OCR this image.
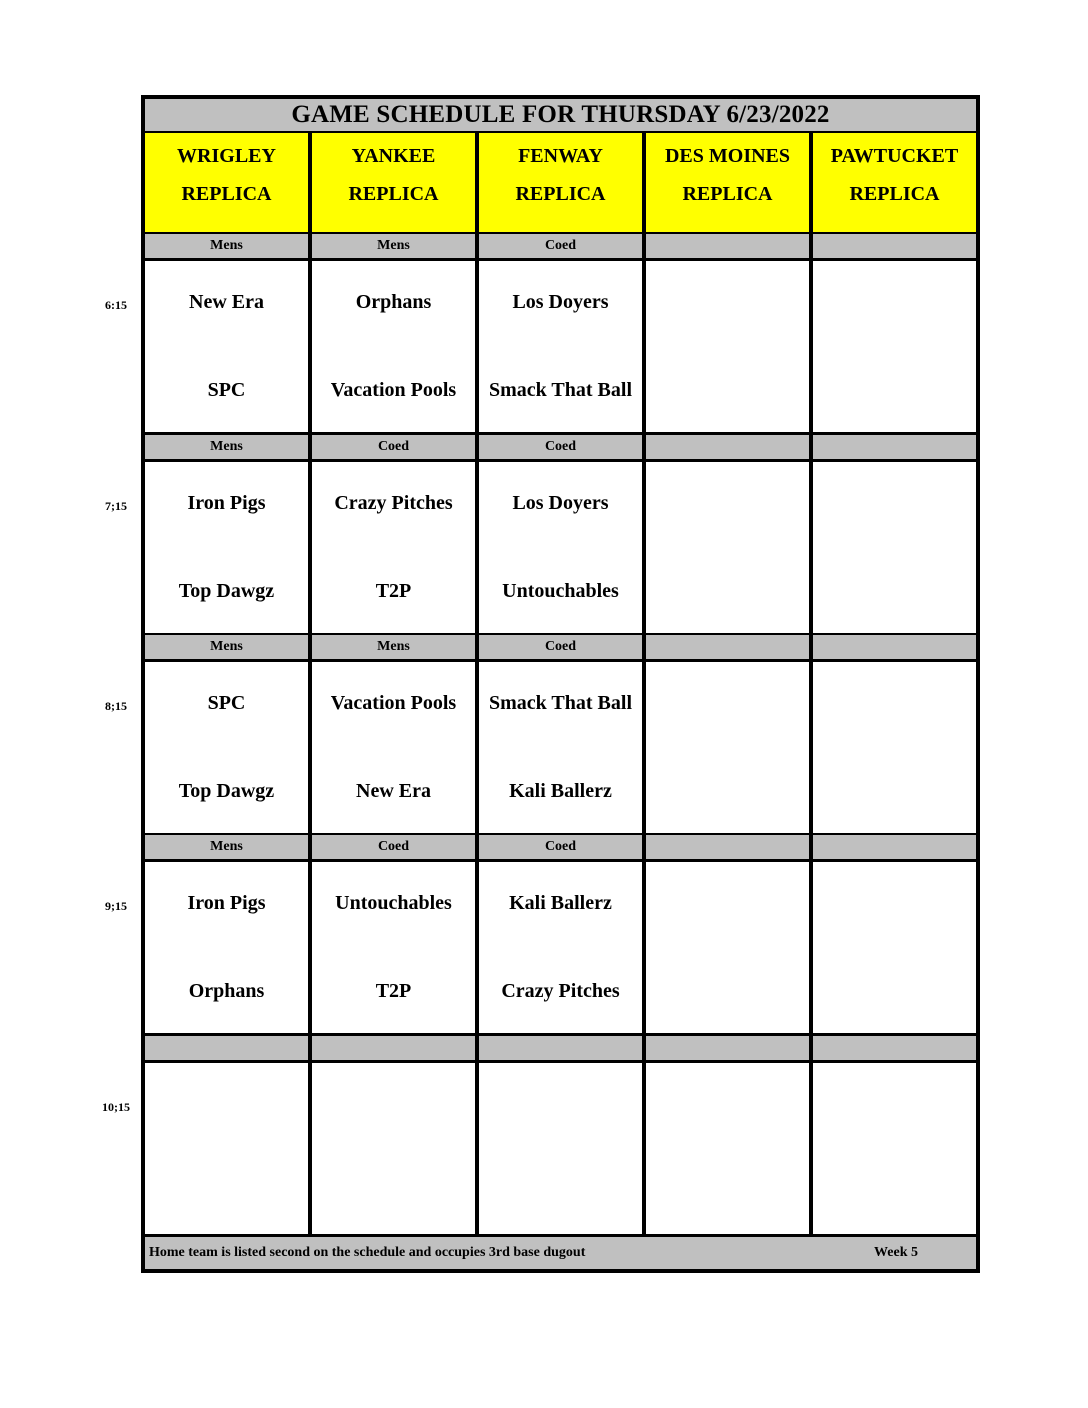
GAME SCHEDULE FOR THURSDAY 6/23/2022
WRIGLEY
REPLICA
YANKEE
REPLICA
FENWAY
REPLICA
DES MOINES
REPLICA
PAWTUCKET
REPLICA
Mens
New Era
SPC
Mens
Orphans
Vacation Pools
Coed
Los Doyers
Smack That Ball
Mens
Iron Pigs
Top Dawgz
Coed
Crazy Pitches
T2P
Coed
Los Doyers
Untouchables
Mens
SPC
Top Dawgz
Mens
Vacation Pools
New Era
Coed
Smack That Ball
Kali Ballerz
Mens
Iron Pigs
Orphans
Coed
Untouchables
T2P
Coed
Kali Ballerz
Crazy Pitches
Home team is listed second on the schedule and occupies 3rd base dugout	Week 5
6:15
7;15
8;15
9;15
10;15
